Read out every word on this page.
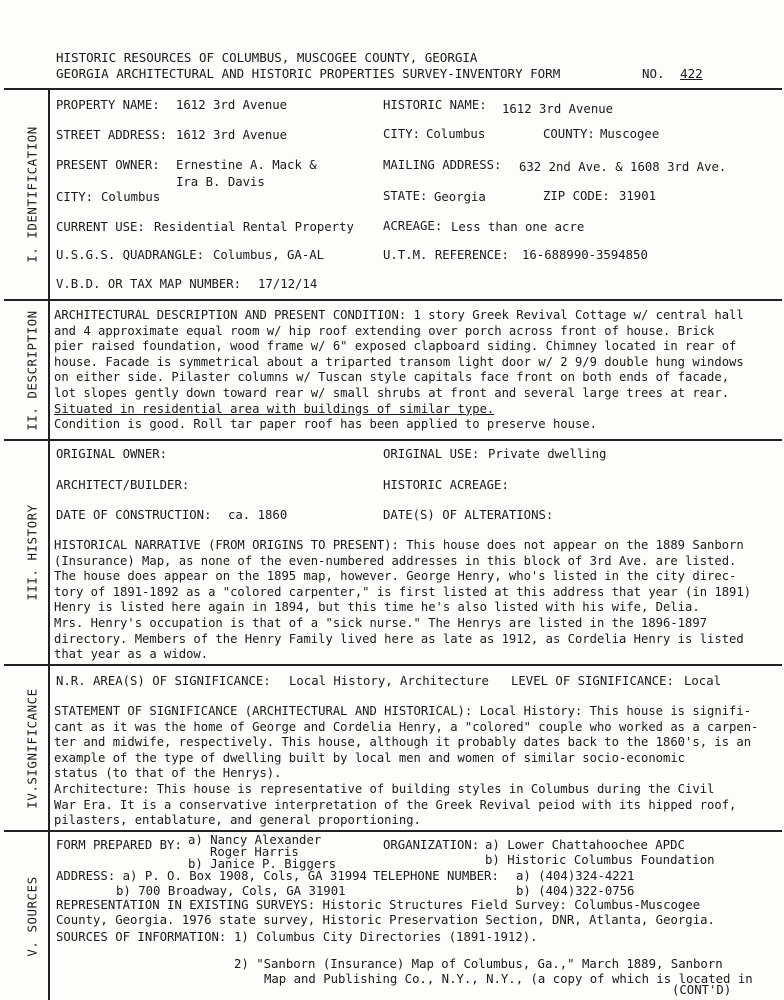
HISTORIC RESOURCES OF COLUMBUS, MUSCOGEE COUNTY, GEORGIA
GEORGIA ARCHITECTURAL AND HISTORIC PROPERTIES SURVEY-INVENTORY FORM	NO. 422
I. IDENTIFICATION
II. DESCRIPTION
III. HISTORY
IV.SIGNIFICANCE
V. SOURCES
PROPERTY NAME: 1612 3rd Avenue	HISTORIC NAME: 1612 3rd Avenue
STREET ADDRESS: 1612 3rd Avenue	CITY: Columbus	COUNTY: Muscogee
PRESENT OWNER: Ernestine A. Mack &
Ira B. Davis
MAILING ADDRESS: 632 2nd Ave. & 1608 3rd Ave.
CITY: Columbus	STATE: Georgia	ZIP CODE: 31901
CURRENT USE: Residential Rental Property ACREAGE: Less than one acre
U.S.G.S. QUADRANGLE: Columbus, GA-AL	U.T.M. REFERENCE: 16-688990-3594850
V.B.D. OR TAX MAP NUMBER: 17/12/14
ARCHITECTURAL DESCRIPTION AND PRESENT CONDITION: 1 story Greek Revival Cottage w/ central hall
and 4 approximate equal room w/ hip roof extending over porch across front of house. Brick
pier raised foundation, wood frame w/ 6" exposed clapboard siding. Chimney located in rear of
house. Facade is symmetrical about a triparted transom light door w/ 2 9/9 double hung windows
on either side. Pilaster columns w/ Tuscan style capitals face front on both ends of facade,
lot slopes gently down toward rear w/ small shrubs at front and several large trees at rear.
Situated in residential area with buildings of similar type.
Condition is good. Roll tar paper roof has been applied to preserve house.
ORIGINAL OWNER:	ORIGINAL USE: Private dwelling
ARCHITECT/BUILDER:	HISTORIC ACREAGE:
DATE OF CONSTRUCTION: ca. 1860	DATE(S) OF ALTERATIONS:
HISTORICAL NARRATIVE (FROM ORIGINS TO PRESENT): This house does not appear on the 1889 Sanborn
(Insurance) Map, as none of the even-numbered addresses in this block of 3rd Ave. are listed.
The house does appear on the 1895 map, however. George Henry, who's listed in the city direc-
tory of 1891-1892 as a "colored carpenter," is first listed at this address that year (in 1891)
Henry is listed here again in 1894, but this time he's also listed with his wife, Delia.
Mrs. Henry's occupation is that of a "sick nurse." The Henrys are listed in the 1896-1897
directory. Members of the Henry Family lived here as late as 1912, as Cordelia Henry is listed
that year as a widow.
N.R. AREA(S) OF SIGNIFICANCE: Local History, Architecture LEVEL OF SIGNIFICANCE: Local
STATEMENT OF SIGNIFICANCE (ARCHITECTURAL AND HISTORICAL): Local History: This house is signifi-
cant as it was the home of George and Cordelia Henry, a "colored" couple who worked as a carpen-
ter and midwife, respectively. This house, although it probably dates back to the 1860's, is an
example of the type of dwelling built by local men and women of similar socio-economic
status (to that of the Henrys).
Architecture: This house is representative of building styles in Columbus during the Civil
War Era. It is a conservative interpretation of the Greek Revival peiod with its hipped roof,
pilasters, entablature, and general proportioning.
FORM PREPARED BY: a) Nancy Alexander
Roger Harris
b) Janice P. Biggers
ORGANIZATION: a) Lower Chattahoochee APDC
b) Historic Columbus Foundation
ADDRESS: a) P. O. Box 1908, Cols, GA 31994
b) 700 Broadway, Cols, GA 31901
TELEPHONE NUMBER: a) (404)324-4221
b) (404)322-0756
REPRESENTATION IN EXISTING SURVEYS: Historic Structures Field Survey: Columbus-Muscogee
County, Georgia. 1976 state survey, Historic Preservation Section, DNR, Atlanta, Georgia.
SOURCES OF INFORMATION: 1) Columbus City Directories (1891-1912).
2) "Sanborn (Insurance) Map of Columbus, Ga.," March 1889, Sanborn
Map and Publishing Co., N.Y., N.Y., (a copy of which is located in
(CONT'D)
